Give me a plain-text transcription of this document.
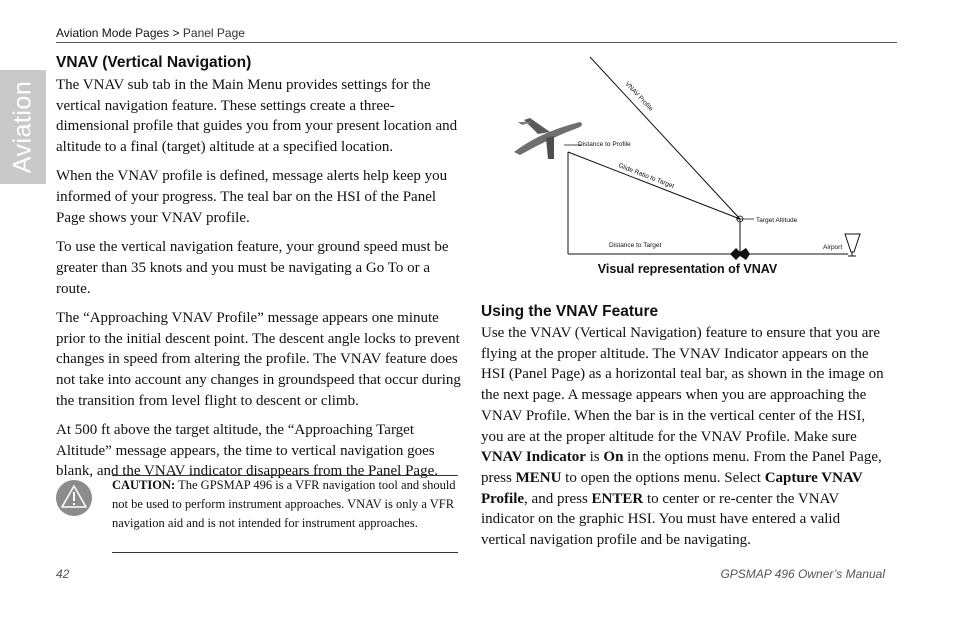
Aviation Mode Pages > Panel Page
Aviation
VNAV (Vertical Navigation)

The VNAV sub tab in the Main Menu provides settings for the vertical navigation feature. These settings create a three-dimensional profile that guides you from your present location and altitude to a final (target) altitude at a specified location.

When the VNAV profile is defined, message alerts help keep you informed of your progress. The teal bar on the HSI of the Panel Page shows your VNAV profile.

To use the vertical navigation feature, your ground speed must be greater than 35 knots and you must be navigating a Go To or a route.

The “Approaching VNAV Profile” message appears one minute prior to the initial descent point. The descent angle locks to prevent changes in speed from altering the profile. The VNAV feature does not take into account any changes in groundspeed that occur during the transition from level flight to descent or climb.

At 500 ft above the target altitude, the “Approaching Target Altitude” message appears, the time to vertical navigation goes blank, and the VNAV indicator disappears from the Panel Page.

CAUTION: The GPSMAP 496 is a VFR navigation tool and should not be used to perform instrument approaches. VNAV is only a VFR navigation aid and is not intended for instrument approaches.
VNAV Profile
Distance to Profile
Glide Ratio to Target
Target Altitude
Distance to Target	Airport
Visual representation of VNAV
Using the VNAV Feature
Use the VNAV (Vertical Navigation) feature to ensure that you are flying at the proper altitude. The VNAV Indicator appears on the HSI (Panel Page) as a horizontal teal bar, as shown in the image on the next page. A message appears when you are approaching the VNAV Profile. When the bar is in the vertical center of the HSI, you are at the proper altitude for the VNAV Profile. Make sure VNAV Indicator is On in the options menu. From the Panel Page, press MENU to open the options menu. Select Capture VNAV Profile, and press ENTER to center or re-center the VNAV indicator on the graphic HSI. You must have entered a valid vertical navigation profile and be navigating.
42	GPSMAP 496 Owner’s Manual
